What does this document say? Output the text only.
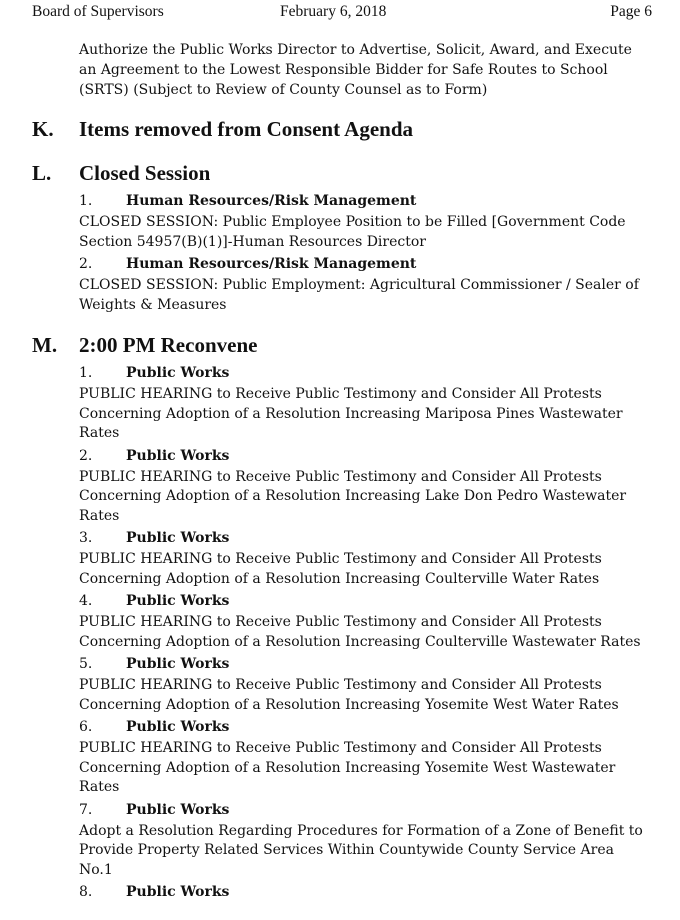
Board of Supervisors	February 6, 2018	Page 6

Authorize the Public Works Director to Advertise, Solicit, Award, and Execute an Agreement to the Lowest Responsible Bidder for Safe Routes to School (SRTS) (Subject to Review of County Counsel as to Form)

K. Items removed from Consent Agenda
L. Closed Session
1. Human Resources/Risk Management
CLOSED SESSION: Public Employee Position to be Filled [Government Code Section 54957(B)(1)]-Human Resources Director
2. Human Resources/Risk Management
CLOSED SESSION: Public Employment: Agricultural Commissioner / Sealer of Weights & Measures
M. 2:00 PM Reconvene
1. Public Works
PUBLIC HEARING to Receive Public Testimony and Consider All Protests Concerning Adoption of a Resolution Increasing Mariposa Pines Wastewater Rates
2. Public Works
PUBLIC HEARING to Receive Public Testimony and Consider All Protests Concerning Adoption of a Resolution Increasing Lake Don Pedro Wastewater Rates
3. Public Works
PUBLIC HEARING to Receive Public Testimony and Consider All Protests Concerning Adoption of a Resolution Increasing Coulterville Water Rates
4. Public Works
PUBLIC HEARING to Receive Public Testimony and Consider All Protests Concerning Adoption of a Resolution Increasing Coulterville Wastewater Rates
5. Public Works
PUBLIC HEARING to Receive Public Testimony and Consider All Protests Concerning Adoption of a Resolution Increasing Yosemite West Water Rates
6. Public Works
PUBLIC HEARING to Receive Public Testimony and Consider All Protests Concerning Adoption of a Resolution Increasing Yosemite West Wastewater Rates
7. Public Works
Adopt a Resolution Regarding Procedures for Formation of a Zone of Benefit to Provide Property Related Services Within Countywide County Service Area No.1
8. Public Works
